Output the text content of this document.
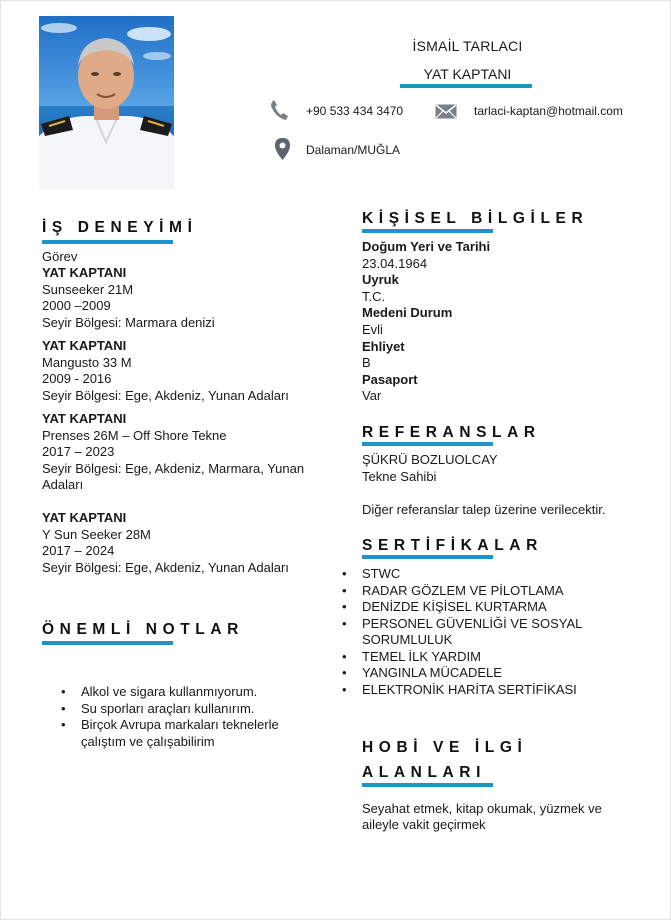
İSMAİL TARLACI
YAT KAPTANI
+90 533 434 3470	tarlaci-kaptan@hotmail.com
Dalaman/MUĞLA
İŞ DENEYİMİ
Görev
YAT KAPTANI
Sunseeker 21M
2000 –2009
Seyir Bölgesi: Marmara denizi
YAT KAPTANI
Mangusto 33 M
2009 - 2016
Seyir Bölgesi: Ege, Akdeniz, Yunan Adaları
YAT KAPTANI
Prenses 26M – Off Shore Tekne
2017 – 2023
Seyir Bölgesi: Ege, Akdeniz, Marmara, Yunan
Adaları
YAT KAPTANI
Y Sun Seeker 28M
2017 – 2024
Seyir Bölgesi: Ege, Akdeniz, Yunan Adaları
ÖNEMLİ NOTLAR
• Alkol ve sigara kullanmıyorum.
• Su sporları araçları kullanırım.
• Birçok Avrupa markaları teknelerle çalıştım ve çalışabilirim
KİŞİSEL BİLGİLER
Doğum Yeri ve Tarihi
23.04.1964
Uyruk
T.C.
Medeni Durum
Evli
Ehliyet
B
Pasaport
Var
REFERANSLAR
ŞÜKRÜ BOZLUOLCAY
Tekne Sahibi
Diğer referanslar talep üzerine verilecektir.
SERTİFİKALAR
• STWC
• RADAR GÖZLEM VE PİLOTLAMA
• DENİZDE KİŞİSEL KURTARMA
• PERSONEL GÜVENLİĞİ VE SOSYAL SORUMLULUK
• TEMEL İLK YARDIM
• YANGINLA MÜCADELE
• ELEKTRONİK HARİTA SERTİFİKASI
HOBİ VE İLGİ
ALANLARI
Seyahat etmek, kitap okumak, yüzmek ve
aileyle vakit geçirmek
